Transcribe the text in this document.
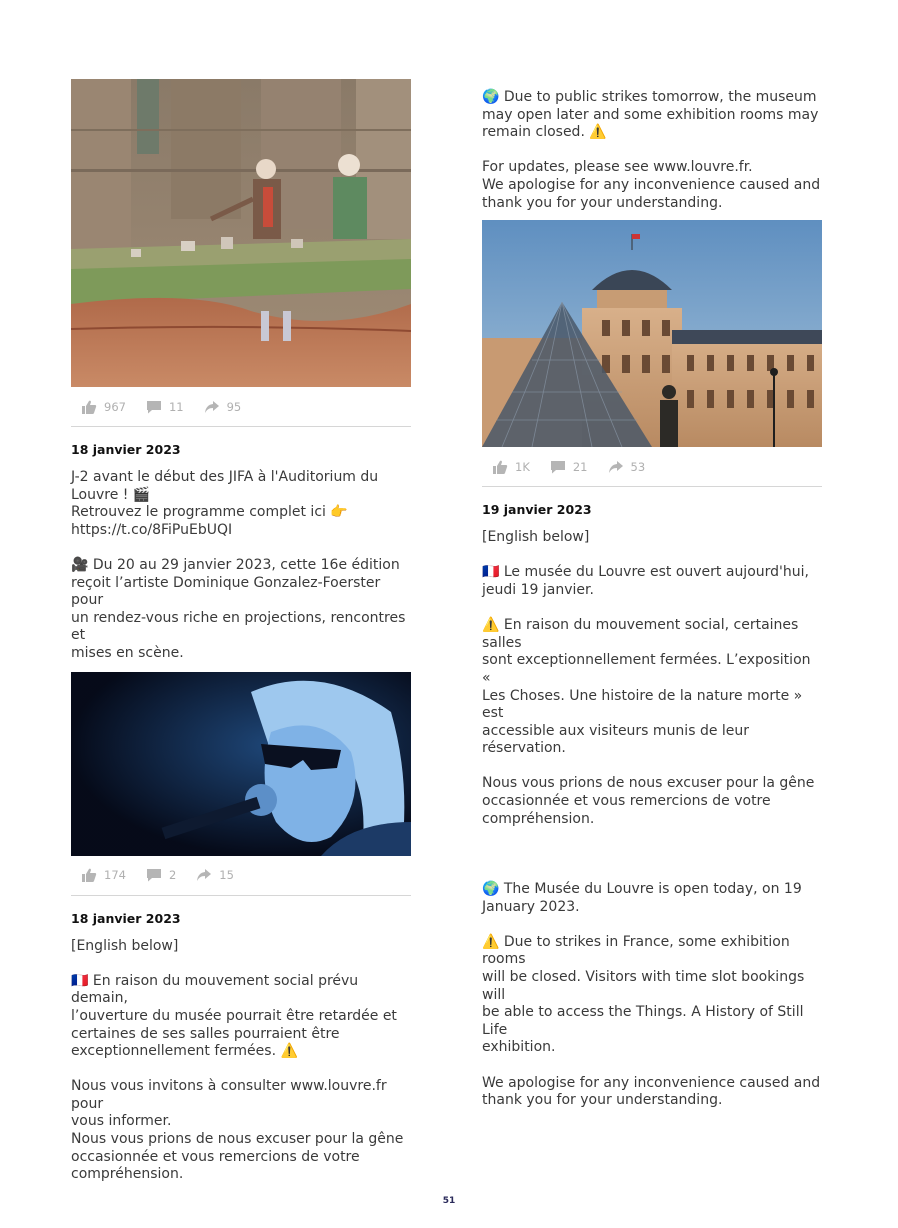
967	11	95
18 janvier 2023
J-2 avant le début des JIFA à l'Auditorium du
Louvre ! 🎬
Retrouvez le programme complet ici 👉
https://t.co/8FiPuEbUQI
🎥 Du 20 au 29 janvier 2023, cette 16e édition
reçoit l’artiste Dominique Gonzalez-Foerster pour
un rendez-vous riche en projections, rencontres et
mises en scène.
174	2	15
18 janvier 2023
[English below]
🇫🇷 En raison du mouvement social prévu demain,
l’ouverture du musée pourrait être retardée et
certaines de ses salles pourraient être
exceptionnellement fermées. ⚠️
Nous vous invitons à consulter www.louvre.fr pour
vous informer.
Nous vous prions de nous excuser pour la gêne
occasionnée et vous remercions de votre
compréhension.
🌍 Due to public strikes tomorrow, the museum
may open later and some exhibition rooms may
remain closed. ⚠️
For updates, please see www.louvre.fr.
We apologise for any inconvenience caused and
thank you for your understanding.
1K	21	53
19 janvier 2023
[English below]
🇫🇷 Le musée du Louvre est ouvert aujourd'hui,
jeudi 19 janvier.
⚠️ En raison du mouvement social, certaines salles
sont exceptionnellement fermées. L’exposition «
Les Choses. Une histoire de la nature morte » est
accessible aux visiteurs munis de leur réservation.
Nous vous prions de nous excuser pour la gêne
occasionnée et vous remercions de votre
compréhension.
🌍 The Musée du Louvre is open today, on 19
January 2023.
⚠️ Due to strikes in France, some exhibition rooms
will be closed. Visitors with time slot bookings will
be able to access the Things. A History of Still Life
exhibition.
We apologise for any inconvenience caused and
thank you for your understanding.
51
